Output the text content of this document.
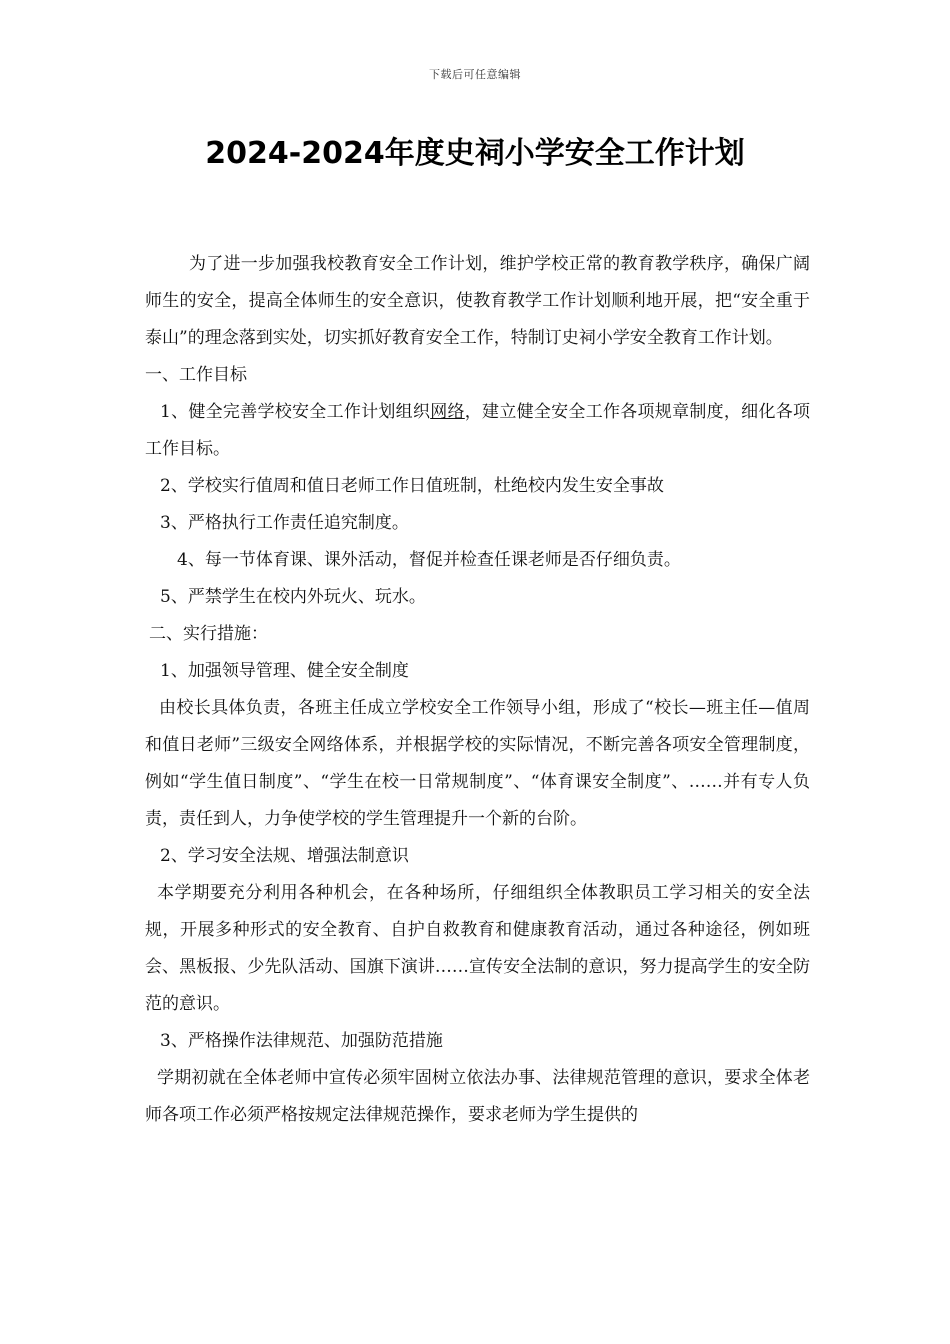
下载后可任意编辑
2024-2024年度史祠小学安全工作计划

为了进一步加强我校教育安全工作计划，维护学校正常的教育教学秩序，确保广阔师生的安全，提高全体师生的安全意识，使教育教学工作计划顺利地开展，把“安全重于泰山”的理念落到实处，切实抓好教育安全工作，特制订史祠小学安全教育工作计划。

一、工作目标

1、健全完善学校安全工作计划组织网络，建立健全安全工作各项规章制度，细化各项工作目标。

2、学校实行值周和值日老师工作日值班制，杜绝校内发生安全事故

3、严格执行工作责任追究制度。

4、每一节体育课、课外活动，督促并检查任课老师是否仔细负责。

5、严禁学生在校内外玩火、玩水。

二、实行措施：

1、加强领导管理、健全安全制度

由校长具体负责，各班主任成立学校安全工作领导小组，形成了“校长—班主任—值周和值日老师”三级安全网络体系，并根据学校的实际情况，不断完善各项安全管理制度，例如“学生值日制度”、“学生在校一日常规制度”、“体育课安全制度”、……并有专人负责，责任到人，力争使学校的学生管理提升一个新的台阶。

2、学习安全法规、增强法制意识

本学期要充分利用各种机会，在各种场所，仔细组织全体教职员工学习相关的安全法规，开展多种形式的安全教育、自护自救教育和健康教育活动，通过各种途径，例如班会、黑板报、少先队活动、国旗下演讲……宣传安全法制的意识，努力提高学生的安全防范的意识。

3、严格操作法律规范、加强防范措施

学期初就在全体老师中宣传必须牢固树立依法办事、法律规范管理的意识，要求全体老师各项工作必须严格按规定法律规范操作，要求老师为学生提供的
